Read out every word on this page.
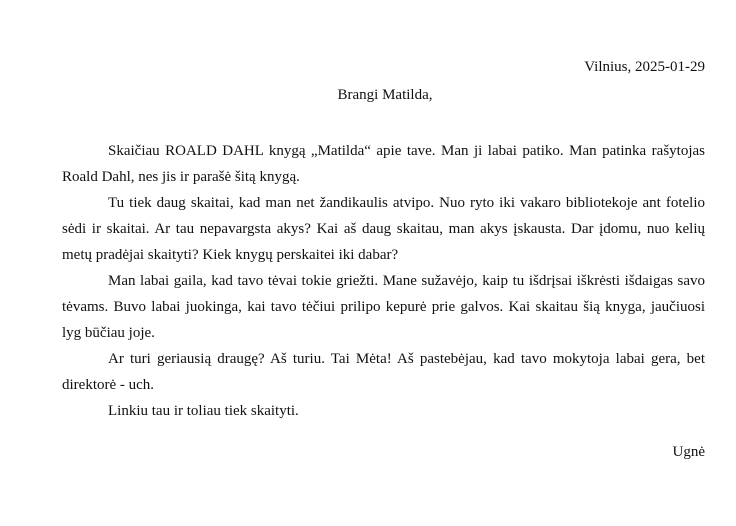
Vilnius, 2025-01-29
Brangi Matilda,

Skaičiau ROALD DAHL knygą „Matilda“ apie tave. Man ji labai patiko. Man patinka rašytojas Roald Dahl, nes jis ir parašė šitą knygą.

Tu tiek daug skaitai, kad man net žandikaulis atvipo. Nuo ryto iki vakaro bibliotekoje ant fotelio sėdi ir skaitai. Ar tau nepavargsta akys? Kai aš daug skaitau, man akys įskausta. Dar įdomu, nuo kelių metų pradėjai skaityti? Kiek knygų perskaitei iki dabar?

Man labai gaila, kad tavo tėvai tokie griežti. Mane sužavėjo, kaip tu išdrįsai iškrėsti išdaigas savo tėvams. Buvo labai juokinga, kai tavo tėčiui prilipo kepurė prie galvos. Kai skaitau šią knyga, jaučiuosi lyg būčiau joje.

Ar turi geriausią draugę? Aš turiu. Tai Mėta! Aš pastebėjau, kad tavo mokytoja labai gera, bet direktorė - uch.

Linkiu tau ir toliau tiek skaityti.

Ugnė
